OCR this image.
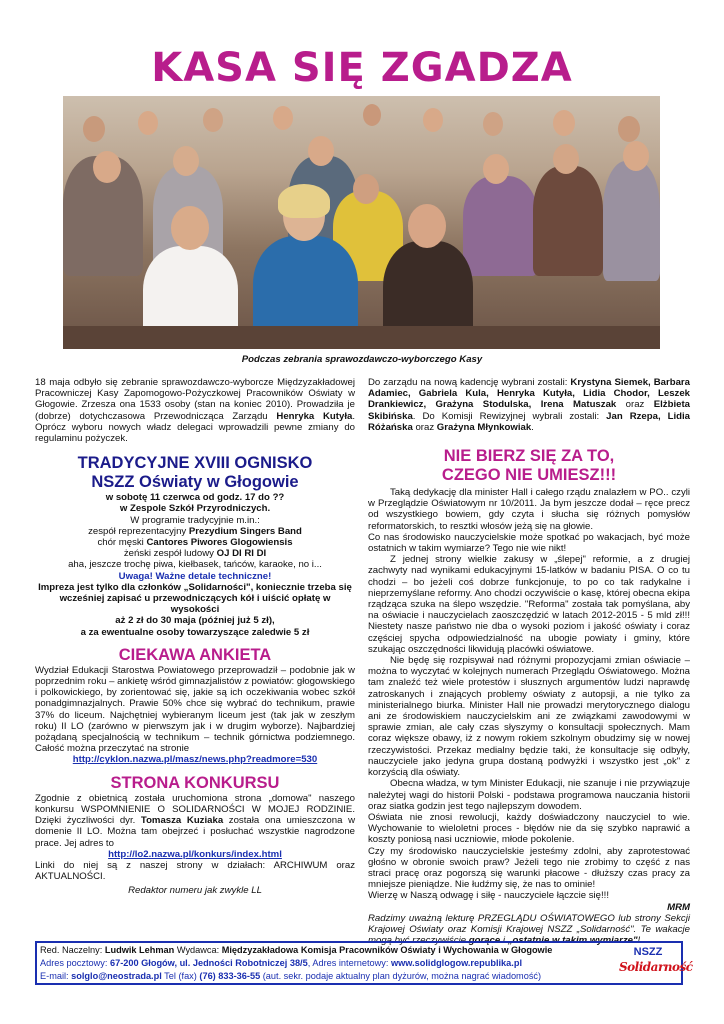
KASA SIĘ ZGADZA
Podczas zebrania sprawozdawczo-wyborczego Kasy

18 maja odbyło się zebranie sprawozdawczo-wyborcze Międzyzakładowej Pracowniczej Kasy Zapomogowo-Pożyczkowej Pracowników Oświaty w Głogowie. Zrzesza ona 1533 osoby (stan na koniec 2010). Prowadziła je (dobrze) dotychczasowa Przewodnicząca Zarządu Henryka Kutyła. Oprócz wyboru nowych władz delegaci wprowadzili pewne zmiany do regulaminu pożyczek.

TRADYCYJNE XVIII OGNISKO
NSZZ Oświaty w Głogowie
w sobotę 11 czerwca od godz. 17 do ??
w Zespole Szkół Przyrodniczych.
W programie tradycyjnie m.in.:
zespół reprezentacyjny Prezydium Singers Band
chór męski Cantores Piwores Glogowiensis
żeński zespół ludowy OJ DI RI DI
aha, jeszcze trochę piwa, kiełbasek, tańców, karaoke, no i...
Uwaga! Ważne detale techniczne!
Impreza jest tylko dla członków „Solidarności", koniecznie trzeba się
wcześniej zapisać u przewodniczących kół i uiścić opłatę w wysokości
aż 2 zł do 30 maja (później już 5 zł),
a za ewentualne osoby towarzyszące zaledwie 5 zł
CIEKAWA ANKIETA

Wydział Edukacji Starostwa Powiatowego przeprowadził – podobnie jak w poprzednim roku – ankietę wśród gimnazjalistów z powiatów: głogowskiego i polkowickiego, by zorientować się, jakie są ich oczekiwania wobec szkół ponadgimnazjalnych. Prawie 50% chce się wybrać do technikum, prawie 37% do liceum. Najchętniej wybieranym liceum jest (tak jak w zeszłym roku) II LO (zarówno w pierwszym jak i w drugim wyborze). Najbardziej pożądaną specjalnością w technikum – technik górnictwa podziemnego. Całość można przeczytać na stronie

http://cyklon.nazwa.pl/masz/news.php?readmore=530
STRONA KONKURSU

Zgodnie z obietnicą została uruchomiona strona „domowa" naszego konkursu WSPOMNIENIE O SOLIDARNOŚCI W MOJEJ RODZINIE. Dzięki życzliwości dyr. Tomasza Kuziaka została ona umieszczona w domenie II LO. Można tam obejrzeć i posłuchać wszystkie nagrodzone prace. Jej adres to

http://lo2.nazwa.pl/konkurs/index.html

Linki do niej są z naszej strony w działach: ARCHIWUM oraz AKTUALNOŚCI.

Redaktor numeru jak zwykle LL

Do zarządu na nową kadencję wybrani zostali: Krystyna Siemek, Barbara Adamiec, Gabriela Kula, Henryka Kutyła, Lidia Chodor, Leszek Drankiewicz, Grażyna Stodulska, Irena Matuszak oraz Elżbieta Skibińska. Do Komisji Rewizyjnej wybrali zostali: Jan Rzepa, Lidia Różańska oraz Grażyna Młynkowiak.

NIE BIERZ SIĘ ZA TO,
CZEGO NIE UMIESZ!!!

Taką dedykację dla minister Hall i całego rządu znalazłem w PO.. czyli w Przeglądzie Oświatowym nr 10/2011. Ja bym jeszcze dodał – ręce precz od wszystkiego bowiem, gdy czyta i słucha się różnych pomysłów reformatorskich, to resztki włosów jeżą się na głowie.

Co nas środowisko nauczycielskie może spotkać po wakacjach, być może ostatnich w takim wymiarze? Tego nie wie nikt!

Z jednej strony wielkie zakusy w „ślepej" reformie, a z drugiej zachwyty nad wynikami edukacyjnymi 15-latków w badaniu PISA. O co tu chodzi – bo jeżeli coś dobrze funkcjonuje, to po co tak radykalne i nieprzemyślane reformy. Ano chodzi oczywiście o kasę, której obecna ekipa rządząca szuka na ślepo wszędzie. "Reforma" została tak pomyślana, aby na oświacie i nauczycielach zaoszczędzić w latach 2012-2015 - 5 mld zł!!! Niestety nasze państwo nie dba o wysoki poziom i jakość oświaty i coraz częściej spycha odpowiedzialność na ubogie powiaty i gminy, które szukając oszczędności likwidują placówki oświatowe.

Nie będę się rozpisywał nad różnymi propozycjami zmian oświacie – można to wyczytać w kolejnych numerach Przeglądu Oświatowego. Można tam znaleźć też wiele protestów i słusznych argumentów ludzi naprawdę zatroskanych i znających problemy oświaty z autopsji, a nie tylko za ministerialnego biurka. Minister Hall nie prowadzi merytorycznego dialogu ani ze środowiskiem nauczycielskim ani ze związkami zawodowymi w sprawie zmian, ale cały czas słyszymy o konsultacji społecznych. Mam coraz większe obawy, iż z nowym rokiem szkolnym obudzimy się w nowej rzeczywistości. Przekaz medialny będzie taki, że konsultacje się odbyły, nauczyciele jako jedyna grupa dostaną podwyżki i wszystko jest „ok" z korzyścią dla oświaty.

Obecna władza, w tym Minister Edukacji, nie szanuje i nie przywiązuje należytej wagi do historii Polski - podstawa programowa nauczania historii oraz siatka godzin jest tego najlepszym dowodem.

Oświata nie znosi rewolucji, każdy doświadczony nauczyciel to wie. Wychowanie to wieloletni proces - błędów nie da się szybko naprawić a koszty poniosą nasi uczniowie, młode pokolenie.

Czy my środowisko nauczycielskie jesteśmy zdolni, aby zaprotestować głośno w obronie swoich praw? Jeżeli tego nie zrobimy to część z nas straci pracę oraz pogorszą się warunki płacowe - dłuższy czas pracy za mniejsze pieniądze. Nie łudźmy się, że nas to ominie!

Wierzę w Naszą odwagę i siłę - nauczyciele łączcie się!!!

MRM

Radzimy uważną lekturę PRZEGLĄDU OŚWIATOWEGO lub strony Sekcji Krajowej Oświaty oraz Komisji Krajowej NSZZ „Solidarność". Te wakacje mogą być rzeczywiście gorące i „ostatnie w takim wymiarze"!

Red. Naczelny: Ludwik Lehman Wydawca: Międzyzakładowa Komisja Pracowników Oświaty i Wychowania w Głogowie
Adres pocztowy: 67-200 Głogów, ul. Jedności Robotniczej 38/5, Adres internetowy: www.solidglogow.republika.pl
E-mail: solglo@neostrada.pl Tel (fax) (76) 833-36-55 (aut. sekr. podaje aktualny plan dyżurów, można nagrać wiadomość)
NSZZ
Solidarność
